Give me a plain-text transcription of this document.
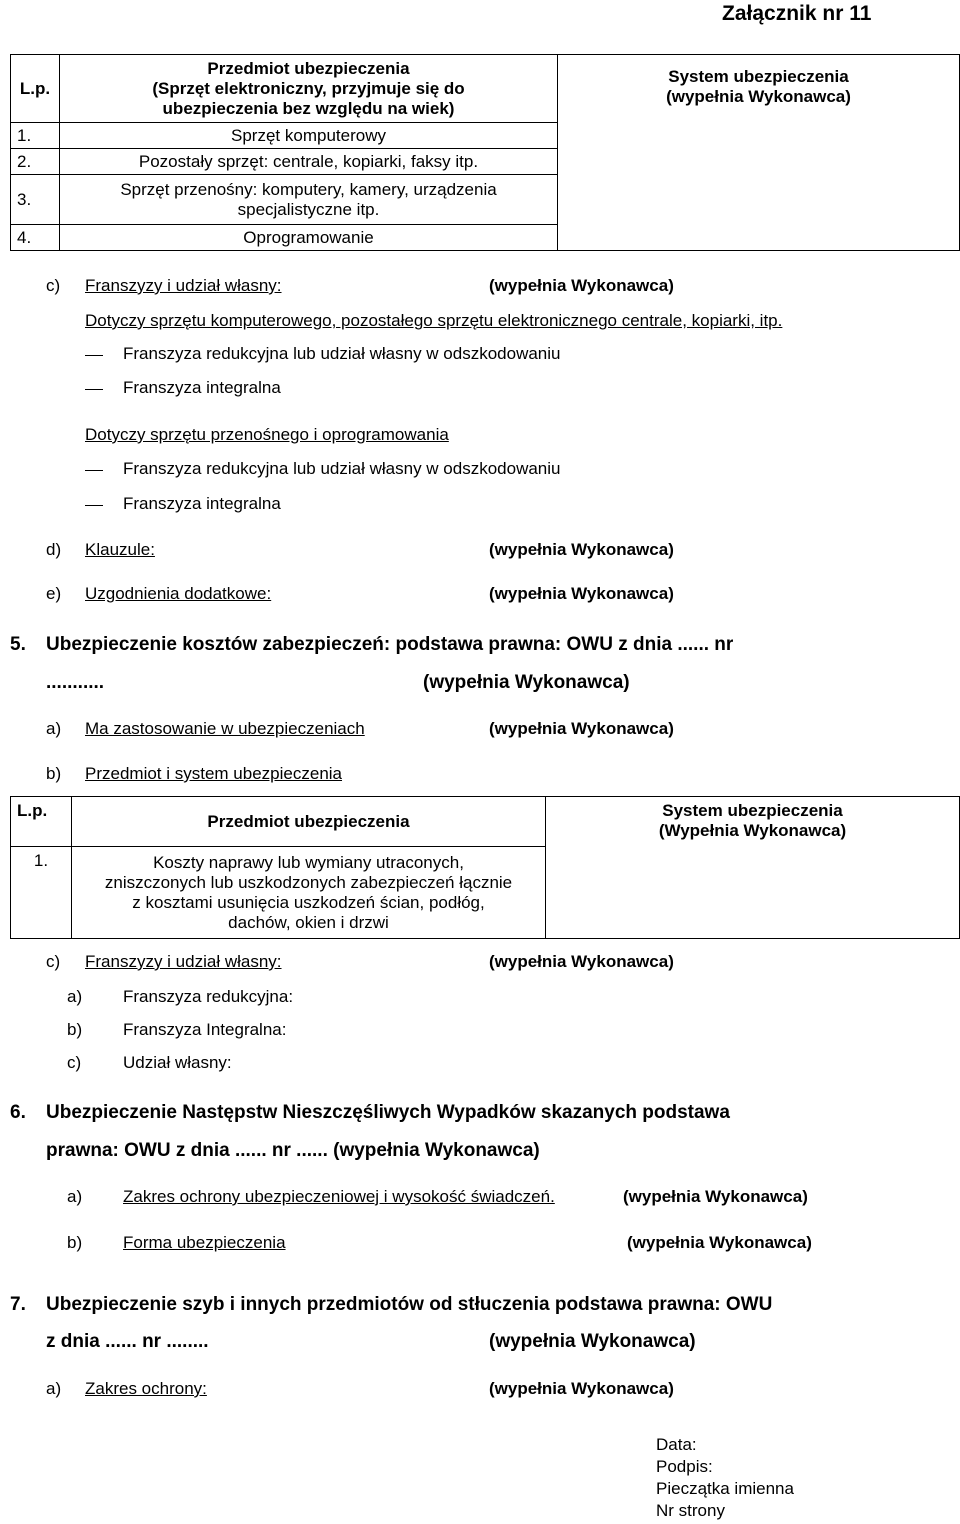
Załącznik nr 11
L.p.	Przedmiot ubezpieczenia
(Sprzęt elektroniczny, przyjmuje się do
ubezpieczenia bez względu na wiek)	System ubezpieczenia
(wypełnia Wykonawca)
1.	Sprzęt komputerowy	
2.	Pozostały sprzęt: centrale, kopiarki, faksy itp.	
3.	Sprzęt przenośny: komputery, kamery, urządzenia
specjalistyczne itp.	
4.	Oprogramowanie	
c) Franszyzy i udział własny:	(wypełnia Wykonawca)
Dotyczy sprzętu komputerowego, pozostałego sprzętu elektronicznego centrale, kopiarki, itp.
Franszyza redukcyjna lub udział własny w odszkodowaniu
Franszyza integralna
Dotyczy sprzętu przenośnego i oprogramowania
Franszyza redukcyjna lub udział własny w odszkodowaniu
Franszyza integralna
d) Klauzule:	(wypełnia Wykonawca)
e) Uzgodnienia dodatkowe:	(wypełnia Wykonawca)
5. Ubezpieczenie kosztów zabezpieczeń: podstawa prawna: OWU z dnia ...... nr
...........	(wypełnia Wykonawca)
a) Ma zastosowanie w ubezpieczeniach	(wypełnia Wykonawca)
b) Przedmiot i system ubezpieczenia
L.p.	Przedmiot ubezpieczenia	System ubezpieczenia
(Wypełnia Wykonawca)
1.	Koszty naprawy lub wymiany utraconych,
zniszczonych lub uszkodzonych zabezpieczeń łącznie
z kosztami usunięcia uszkodzeń ścian, podłóg,
dachów, okien i drzwi	
c) Franszyzy i udział własny:	(wypełnia Wykonawca)
a) Franszyza redukcyjna:
b) Franszyza Integralna:
c) Udział własny:
6. Ubezpieczenie Następstw Nieszczęśliwych Wypadków skazanych podstawa
prawna: OWU z dnia ...... nr ...... (wypełnia Wykonawca)
a) Zakres ochrony ubezpieczeniowej i wysokość świadczeń.	(wypełnia Wykonawca)
b) Forma ubezpieczenia	(wypełnia Wykonawca)
7. Ubezpieczenie szyb i innych przedmiotów od stłuczenia podstawa prawna: OWU
z dnia ...... nr ........	(wypełnia Wykonawca)
a) Zakres ochrony:	(wypełnia Wykonawca)
Data:
Podpis:
Pieczątka imienna
Nr strony
